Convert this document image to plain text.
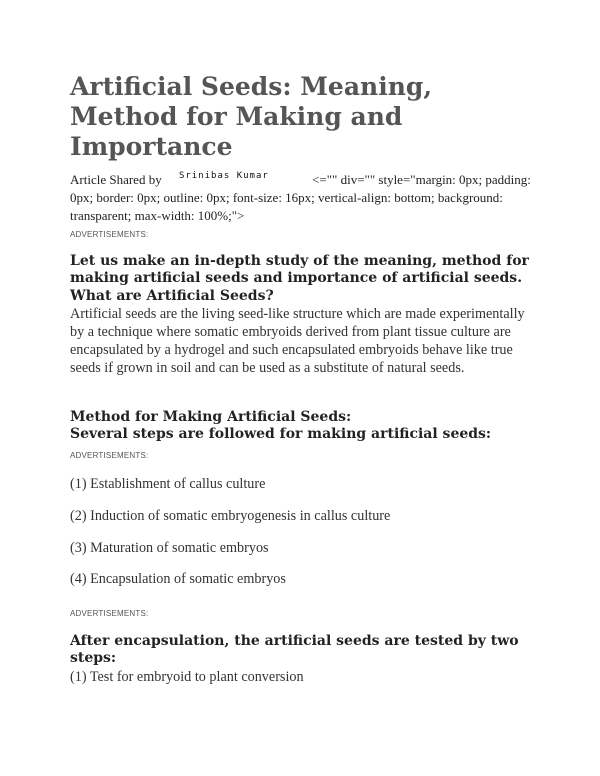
Artificial Seeds: Meaning, Method for Making and Importance
Article Shared by Srinibas Kumar	<="" div="" style="margin: 0px; padding: 0px; border: 0px; outline: 0px; font-size: 16px; vertical-align: bottom; background: transparent; max-width: 100%;">
ADVERTISEMENTS:
Let us make an in-depth study of the meaning, method for making artificial seeds and importance of artificial seeds.
What are Artificial Seeds?
Artificial seeds are the living seed-like structure which are made experimentally by a technique where somatic embryoids derived from plant tissue culture are encapsulated by a hydrogel and such encapsulated embryoids behave like true seeds if grown in soil and can be used as a substitute of natural seeds.
Method for Making Artificial Seeds:
Several steps are followed for making artificial seeds:
ADVERTISEMENTS:
(1) Establishment of callus culture
(2) Induction of somatic embryogenesis in callus culture
(3) Maturation of somatic embryos
(4) Encapsulation of somatic embryos
ADVERTISEMENTS:
After encapsulation, the artificial seeds are tested by two steps:
(1) Test for embryoid to plant conversion
